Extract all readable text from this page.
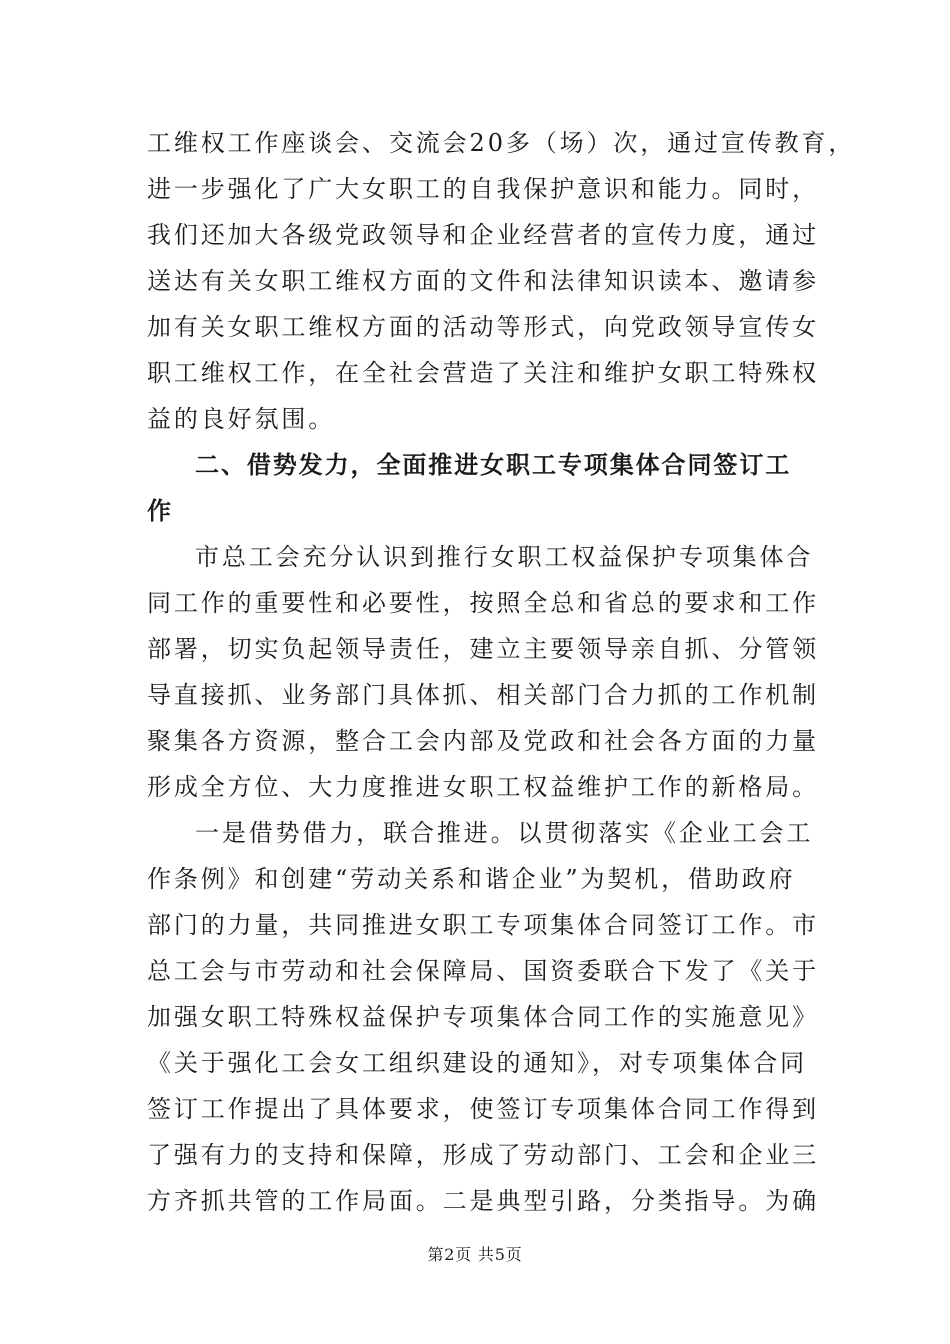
工维权工作座谈会、交流会20多（场）次，通过宣传教育，
进一步强化了广大女职工的自我保护意识和能力。同时，
我们还加大各级党政领导和企业经营者的宣传力度，通过
送达有关女职工维权方面的文件和法律知识读本、邀请参
加有关女职工维权方面的活动等形式，向党政领导宣传女
职工维权工作，在全社会营造了关注和维护女职工特殊权
益的良好氛围。
二、借势发力，全面推进女职工专项集体合同签订工
作
市总工会充分认识到推行女职工权益保护专项集体合
同工作的重要性和必要性，按照全总和省总的要求和工作
部署，切实负起领导责任，建立主要领导亲自抓、分管领
导直接抓、业务部门具体抓、相关部门合力抓的工作机制
聚集各方资源，整合工会内部及党政和社会各方面的力量
形成全方位、大力度推进女职工权益维护工作的新格局。
一是借势借力，联合推进。以贯彻落实《企业工会工
作条例》和创建“劳动关系和谐企业”为契机，借助政府
部门的力量，共同推进女职工专项集体合同签订工作。市
总工会与市劳动和社会保障局、国资委联合下发了《关于
加强女职工特殊权益保护专项集体合同工作的实施意见》
《关于强化工会女工组织建设的通知》，对专项集体合同
签订工作提出了具体要求，使签订专项集体合同工作得到
了强有力的支持和保障，形成了劳动部门、工会和企业三
方齐抓共管的工作局面。二是典型引路，分类指导。为确
第2页 共5页
